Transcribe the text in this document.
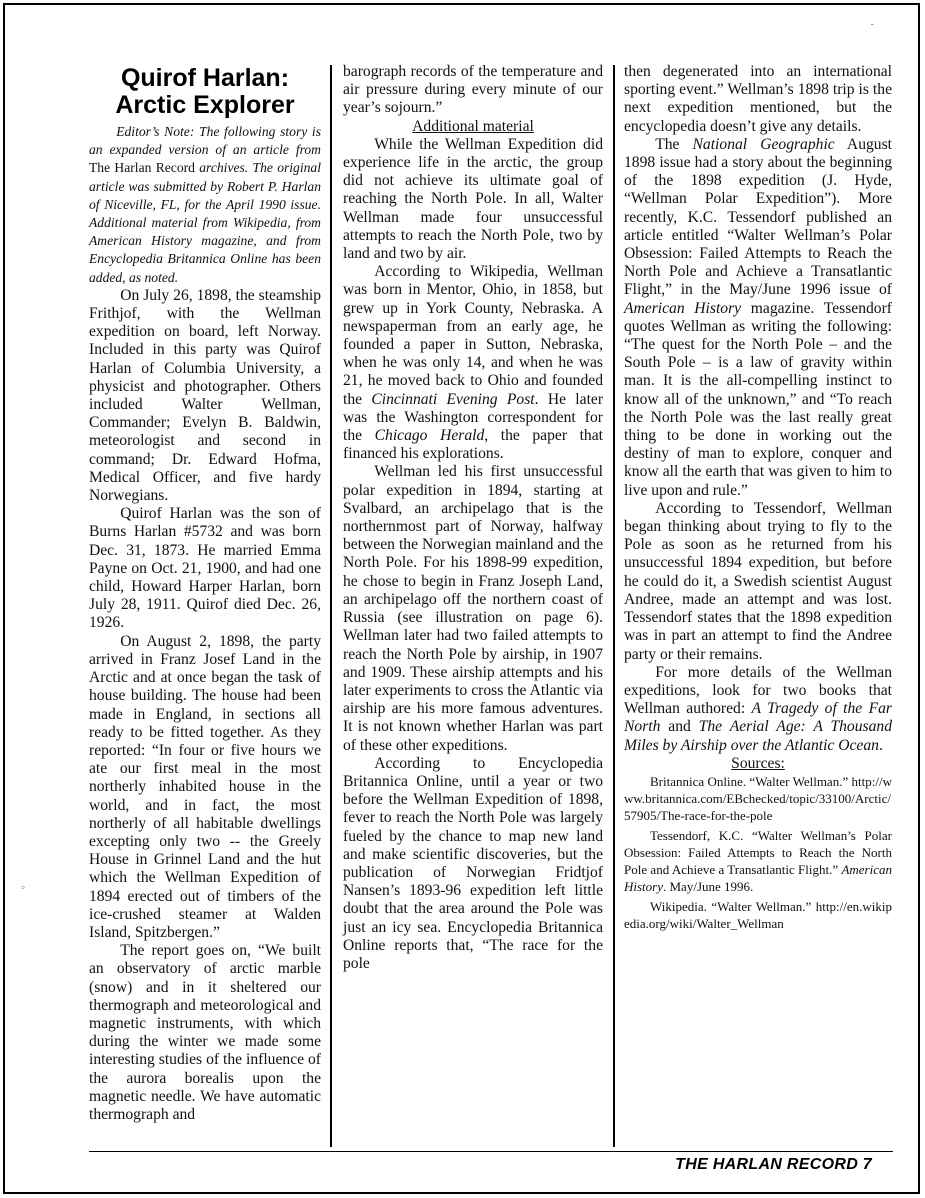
-
°
Quirof Harlan:
Arctic Explorer

Editor’s Note: The following story is an expanded version of an article from The Harlan Record archives. The original article was submitted by Robert P. Harlan of Niceville, FL, for the April 1990 issue. Additional material from Wikipedia, from American History magazine, and from Encyclopedia Britannica Online has been added, as noted.

On July 26, 1898, the steamship Frithjof, with the Wellman expedition on board, left Norway. Included in this party was Quirof Harlan of Columbia University, a physicist and photographer. Others included Walter Wellman, Commander; Evelyn B. Baldwin, meteorologist and second in command; Dr. Edward Hofma, Medical Officer, and five hardy Norwegians.

Quirof Harlan was the son of Burns Harlan #5732 and was born Dec. 31, 1873. He married Emma Payne on Oct. 21, 1900, and had one child, Howard Harper Harlan, born July 28, 1911. Quirof died Dec. 26, 1926.

On August 2, 1898, the party arrived in Franz Josef Land in the Arctic and at once began the task of house building. The house had been made in England, in sections all ready to be fitted together. As they reported: “In four or five hours we ate our first meal in the most northerly inhabited house in the world, and in fact, the most northerly of all habitable dwellings excepting only two -- the Greely House in Grinnel Land and the hut which the Wellman Expedition of 1894 erected out of timbers of the ice-crushed steamer at Walden Island, Spitzbergen.”

The report goes on, “We built an observatory of arctic marble (snow) and in it sheltered our thermograph and meteorological and magnetic instruments, with which during the winter we made some interesting studies of the influence of the aurora borealis upon the magnetic needle. We have automatic thermograph and

barograph records of the temperature and air pressure during every minute of our year’s sojourn.”

Additional material

While the Wellman Expedition did experience life in the arctic, the group did not achieve its ultimate goal of reaching the North Pole. In all, Walter Wellman made four unsuccessful attempts to reach the North Pole, two by land and two by air.

According to Wikipedia, Wellman was born in Mentor, Ohio, in 1858, but grew up in York County, Nebraska. A newspaperman from an early age, he founded a paper in Sutton, Nebraska, when he was only 14, and when he was 21, he moved back to Ohio and founded the Cincinnati Evening Post. He later was the Washington correspondent for the Chicago Herald, the paper that financed his explorations.

Wellman led his first unsuccessful polar expedition in 1894, starting at Svalbard, an archipelago that is the northernmost part of Norway, halfway between the Norwegian mainland and the North Pole. For his 1898-99 expedition, he chose to begin in Franz Joseph Land, an archipelago off the northern coast of Russia (see illustration on page 6). Wellman later had two failed attempts to reach the North Pole by airship, in 1907 and 1909. These airship attempts and his later experiments to cross the Atlantic via airship are his more famous adventures. It is not known whether Harlan was part of these other expeditions.

According to Encyclopedia Britannica Online, until a year or two before the Wellman Expedition of 1898, fever to reach the North Pole was largely fueled by the chance to map new land and make scientific discoveries, but the publication of Norwegian Fridtjof Nansen’s 1893-96 expedition left little doubt that the area around the Pole was just an icy sea. Encyclopedia Britannica Online reports that, “The race for the pole

then degenerated into an international sporting event.” Wellman’s 1898 trip is the next expedition mentioned, but the encyclopedia doesn’t give any details.

The National Geographic August 1898 issue had a story about the beginning of the 1898 expedition (J. Hyde, “Wellman Polar Expedition”). More recently, K.C. Tessendorf published an article entitled “Walter Wellman’s Polar Obsession: Failed Attempts to Reach the North Pole and Achieve a Transatlantic Flight,” in the May/June 1996 issue of American History magazine. Tessendorf quotes Wellman as writing the following: “The quest for the North Pole – and the South Pole – is a law of gravity within man. It is the all-compelling instinct to know all of the unknown,” and “To reach the North Pole was the last really great thing to be done in working out the destiny of man to explore, conquer and know all the earth that was given to him to live upon and rule.”

According to Tessendorf, Wellman began thinking about trying to fly to the Pole as soon as he returned from his unsuccessful 1894 expedition, but before he could do it, a Swedish scientist August Andree, made an attempt and was lost. Tessendorf states that the 1898 expedition was in part an attempt to find the Andree party or their remains.

For more details of the Wellman expeditions, look for two books that Wellman authored: A Tragedy of the Far North and The Aerial Age: A Thousand Miles by Airship over the Atlantic Ocean.

Sources:

Britannica Online. “Walter Wellman.” http://www.britannica.com/EBchecked/topic/33100/Arctic/57905/The-race-for-the-pole

Tessendorf, K.C. “Walter Wellman’s Polar Obsession: Failed Attempts to Reach the North Pole and Achieve a Transatlantic Flight.” American History. May/June 1996.

Wikipedia. “Walter Wellman.” http://en.wikipedia.org/wiki/Walter_Wellman

THE HARLAN RECORD 7
